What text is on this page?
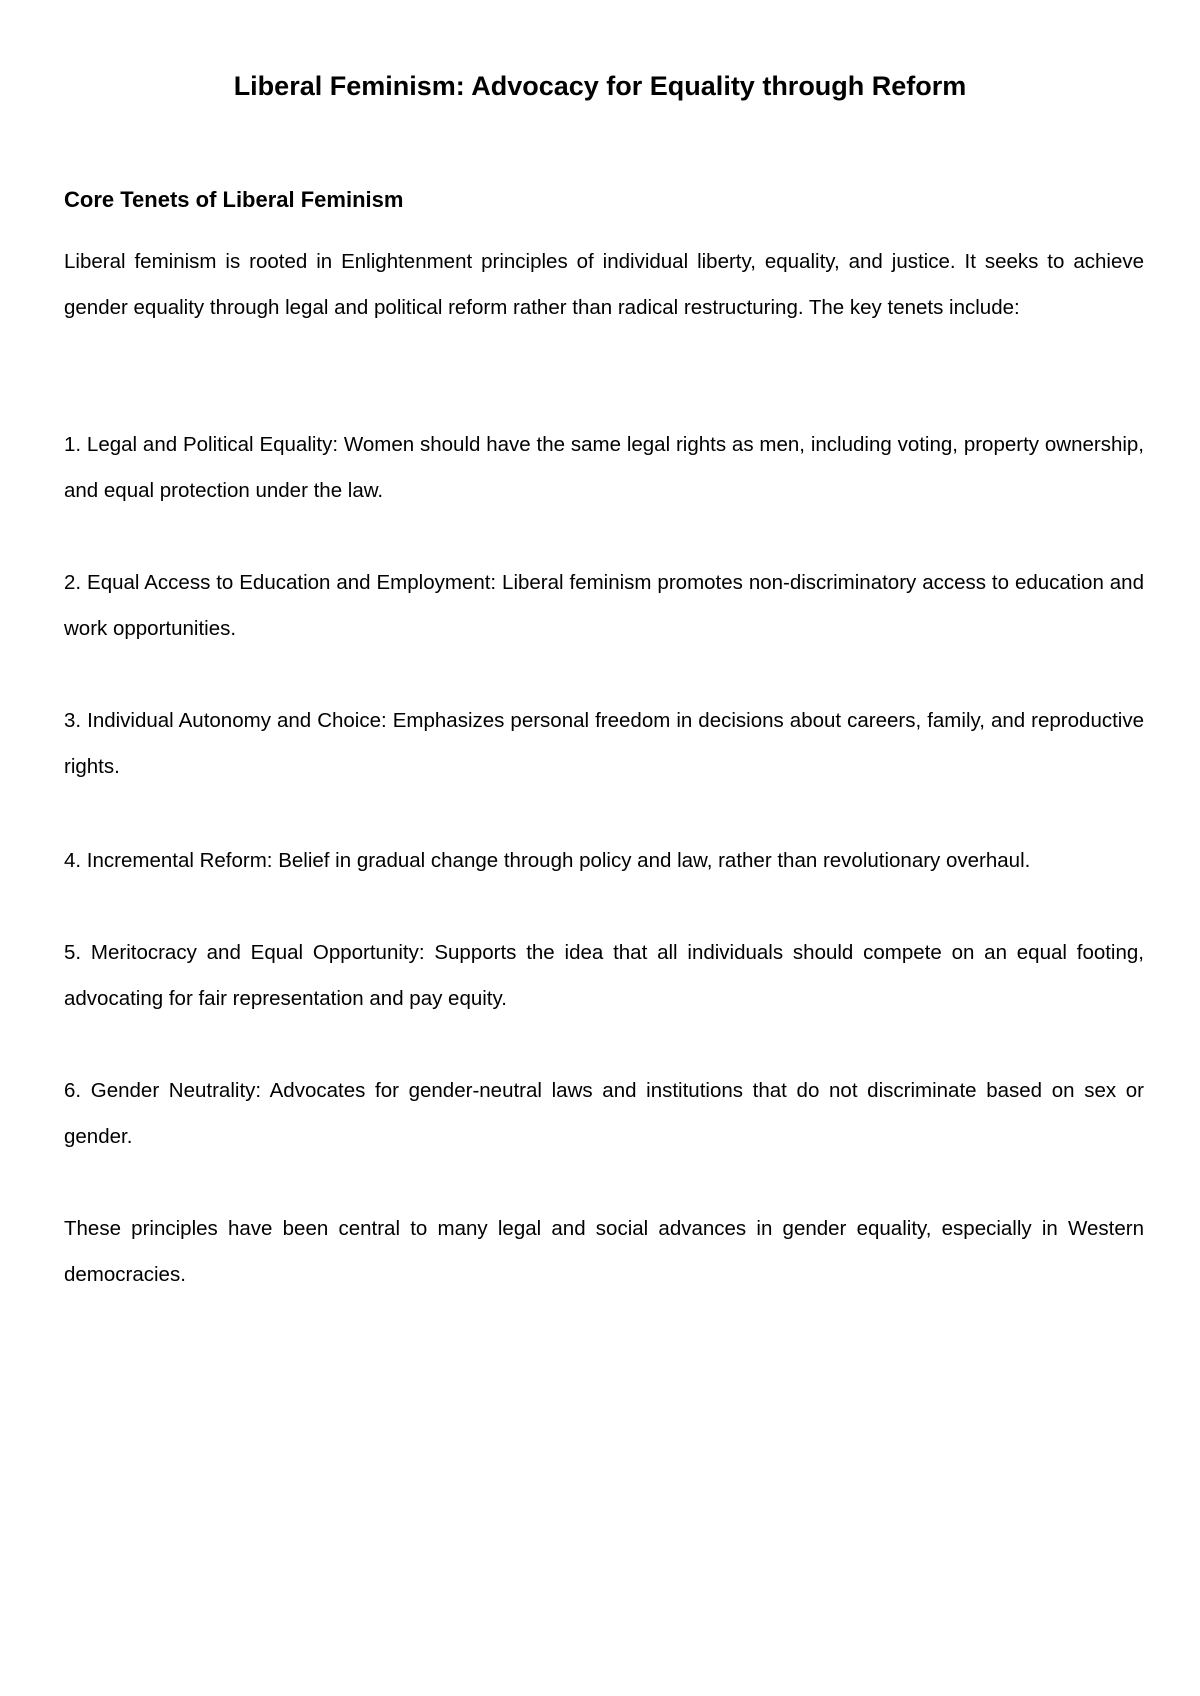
Liberal Feminism: Advocacy for Equality through Reform
Core Tenets of Liberal Feminism

Liberal feminism is rooted in Enlightenment principles of individual liberty, equality, and justice. It seeks to achieve gender equality through legal and political reform rather than radical restructuring. The key tenets include:

1. Legal and Political Equality: Women should have the same legal rights as men, including voting, property ownership, and equal protection under the law.

2. Equal Access to Education and Employment: Liberal feminism promotes non-discriminatory access to education and work opportunities.

3. Individual Autonomy and Choice: Emphasizes personal freedom in decisions about careers, family, and reproductive rights.

4. Incremental Reform: Belief in gradual change through policy and law, rather than revolutionary overhaul.

5. Meritocracy and Equal Opportunity: Supports the idea that all individuals should compete on an equal footing, advocating for fair representation and pay equity.

6. Gender Neutrality: Advocates for gender-neutral laws and institutions that do not discriminate based on sex or gender.

These principles have been central to many legal and social advances in gender equality, especially in Western democracies.
